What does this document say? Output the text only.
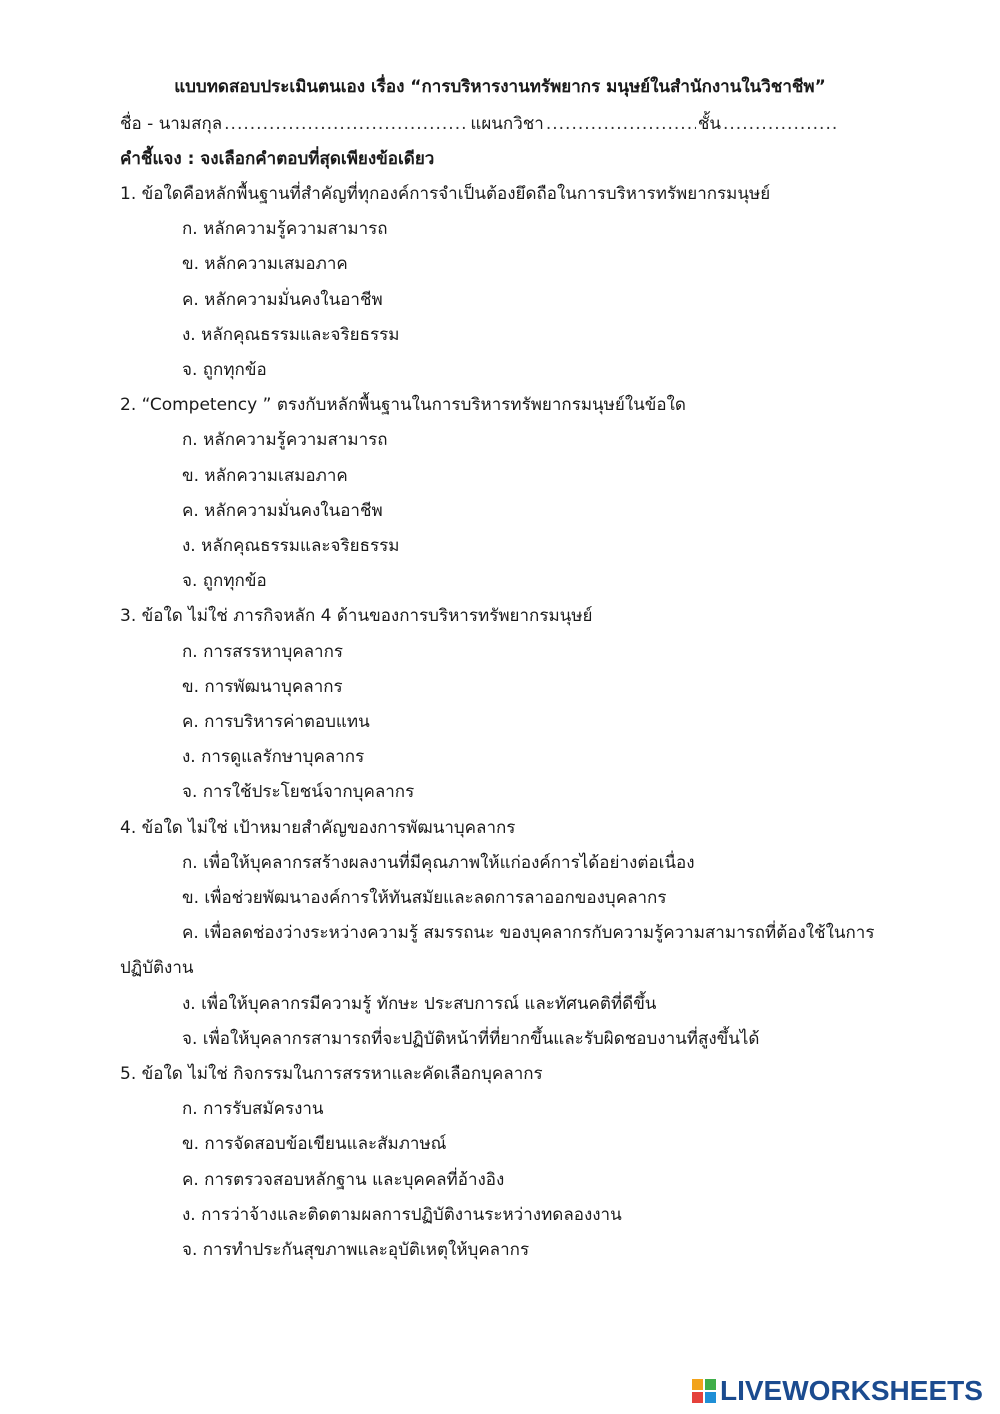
แบบทดสอบประเมินตนเอง เรื่อง “การบริหารงานทรัพยากร มนุษย์ในสำนักงานในวิชาชีพ”
ชื่อ - นามสกุล .....	แผนกวิชา .....	ชั้น
.....
คำชี้แจง : จงเลือกคำตอบที่สุดเพียงข้อเดียว
1. ข้อใดคือหลักพื้นฐานที่สำคัญที่ทุกองค์การจำเป็นต้องยึดถือในการบริหารทรัพยากรมนุษย์
ก. หลักความรู้ความสามารถ
ข. หลักความเสมอภาค
ค. หลักความมั่นคงในอาชีพ
ง. หลักคุณธรรมและจริยธรรม
จ. ถูกทุกข้อ
2. “Competency ” ตรงกับหลักพื้นฐานในการบริหารทรัพยากรมนุษย์ในข้อใด
ก. หลักความรู้ความสามารถ
ข. หลักความเสมอภาค
ค. หลักความมั่นคงในอาชีพ
ง. หลักคุณธรรมและจริยธรรม
จ. ถูกทุกข้อ
3. ข้อใด ไม่ใช่ ภารกิจหลัก 4 ด้านของการบริหารทรัพยากรมนุษย์
ก. การสรรหาบุคลากร
ข. การพัฒนาบุคลากร
ค. การบริหารค่าตอบแทน
ง. การดูแลรักษาบุคลากร
จ. การใช้ประโยชน์จากบุคลากร
4. ข้อใด ไม่ใช่ เป้าหมายสำคัญของการพัฒนาบุคลากร
ก. เพื่อให้บุคลากรสร้างผลงานที่มีคุณภาพให้แก่องค์การได้อย่างต่อเนื่อง
ข. เพื่อช่วยพัฒนาองค์การให้ทันสมัยและลดการลาออกของบุคลากร
ค. เพื่อลดช่องว่างระหว่างความรู้ สมรรถนะ ของบุคลากรกับความรู้ความสามารถที่ต้องใช้ในการ
ปฏิบัติงาน
ง. เพื่อให้บุคลากรมีความรู้ ทักษะ ประสบการณ์ และทัศนคติที่ดีขึ้น
จ. เพื่อให้บุคลากรสามารถที่จะปฏิบัติหน้าที่ที่ยากขึ้นและรับผิดชอบงานที่สูงขึ้นได้
5. ข้อใด ไม่ใช่ กิจกรรมในการสรรหาและคัดเลือกบุคลากร
ก. การรับสมัครงาน
ข. การจัดสอบข้อเขียนและสัมภาษณ์
ค. การตรวจสอบหลักฐาน และบุคคลที่อ้างอิง
ง. การว่าจ้างและติดตามผลการปฏิบัติงานระหว่างทดลองงาน
จ. การทำประกันสุขภาพและอุบัติเหตุให้บุคลากร
LIVEWORKSHEETS
